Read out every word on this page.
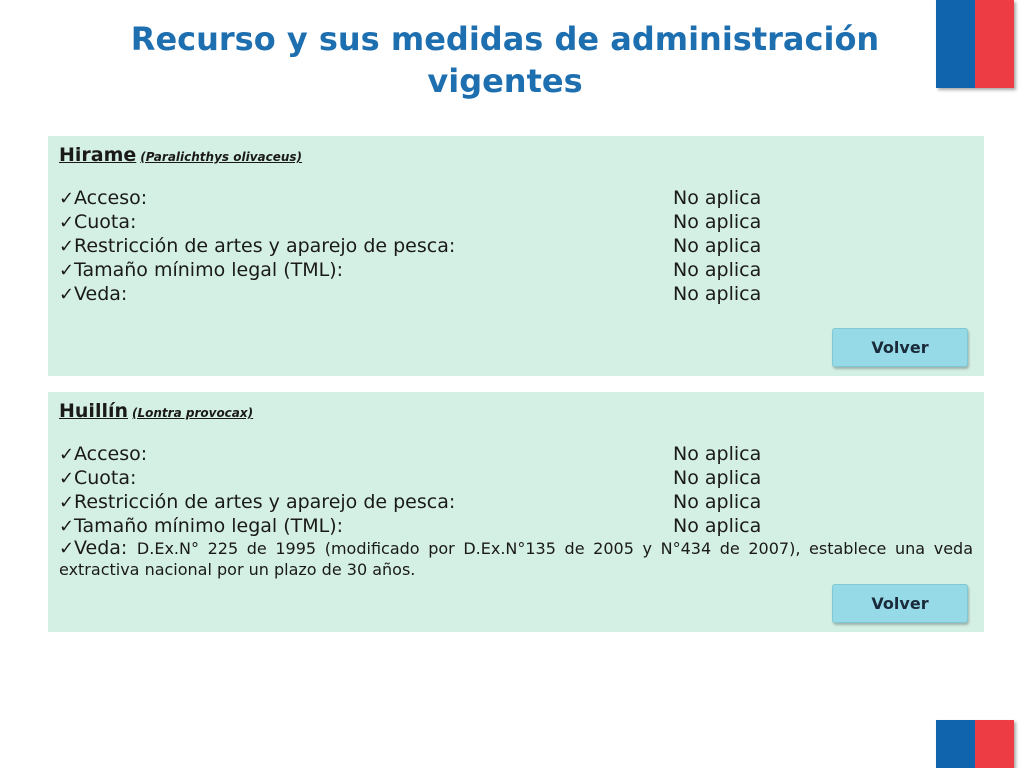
Recurso y sus medidas de administración
vigentes
Hirame (Paralichthys olivaceus)
✓Acceso:	No aplica
✓Cuota:	No aplica
✓Restricción de artes y aparejo de pesca:	No aplica
✓Tamaño mínimo legal (TML):	No aplica
✓Veda:	No aplica
Volver
Huillín (Lontra provocax)
✓Acceso:	No aplica
✓Cuota:	No aplica
✓Restricción de artes y aparejo de pesca:	No aplica
✓Tamaño mínimo legal (TML):	No aplica
✓Veda: D.Ex.N° 225 de 1995 (modificado por D.Ex.N°135 de 2005 y N°434 de 2007), establece una veda extractiva nacional por un plazo de 30 años.
Volver
